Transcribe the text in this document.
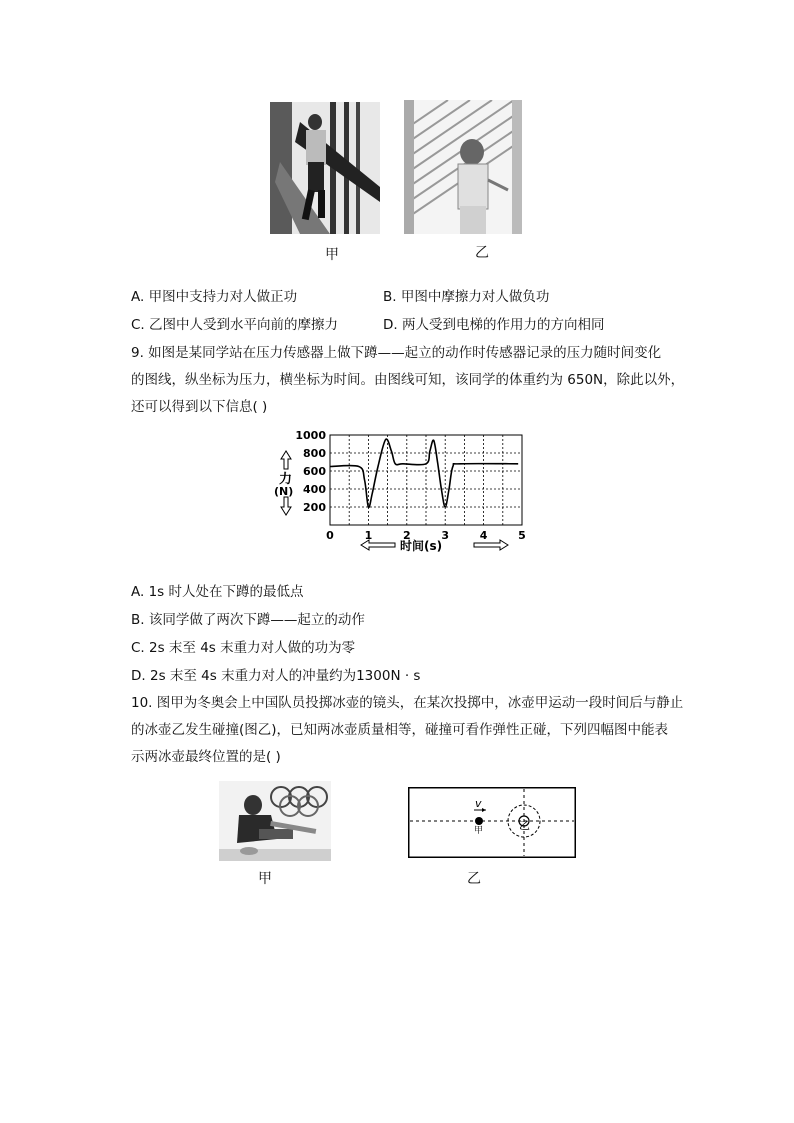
甲	乙
A. 甲图中支持力对人做正功	B. 甲图中摩擦力对人做负功
C. 乙图中人受到水平向前的摩擦力	D. 两人受到电梯的作用力的方向相同
9. 如图是某同学站在压力传感器上做下蹲——起立的动作时传感器记录的压力随时间变化
的图线，纵坐标为压力，横坐标为时间。由图线可知，该同学的体重约为 650N，除此以外，
还可以得到以下信息( )
1000
800
600
400
200
0	1	2	3	4	5
力
(N)
时间(s)
A. 1s 时人处在下蹲的最低点
B. 该同学做了两次下蹲——起立的动作
C. 2s 末至 4s 末重力对人做的功为零
D. 2s 末至 4s 末重力对人的冲量约为1300N · s
10. 图甲为冬奥会上中国队员投掷冰壶的镜头，在某次投掷中，冰壶甲运动一段时间后与静止
的冰壶乙发生碰撞(图乙)，已知两冰壶质量相等，碰撞可看作弹性正碰，下列四幅图中能表
示两冰壶最终位置的是( )
v
甲	乙
甲	乙
